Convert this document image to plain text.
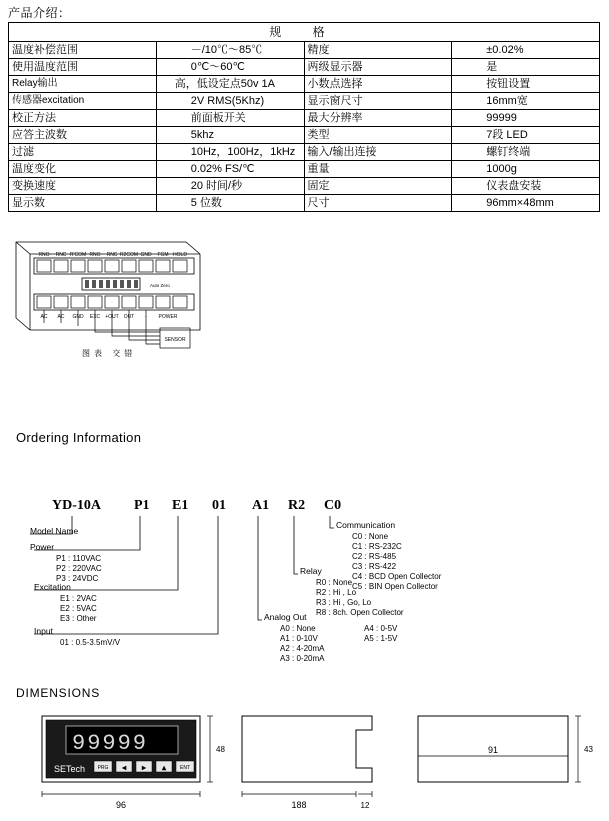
产品介绍：
规 格			
温度补偿范围	－/10℃～85℃	精度	±0.02%
使用温度范围	0℃～60℃	两级显示器	是
Relay输出	高，低设定点50v 1A	小数点选择	按钮设置
传感器excitation	2V RMS(5Khz)	显示窗尺寸	16mm宽
校正方法	前面板开关	最大分辨率	99999
应答主波数	5khz	类型	7段 LED
过滤	10Hz，100Hz，1kHz	输入/输出连接	螺钉终端
温度变化	0.02% FS/℃	重量	1000g
变换速度	20 时间/秒	固定	仪表盘安装
显示数	5 位数	尺寸	96mm×48mm
RNO RNC R'COM RNO RNC R2COM GND FGM HOLD
Auto Zero
AC AC GND EXC +OUT OUT - POWER
SENSOR
图表 交错
Ordering Information
YD-10A P1 E1 01 A1 R2 C0
Model Name
Power
P1 : 110VAC
P2 : 220VAC
P3 : 24VDC
Excitation
E1 : 2VAC
E2 : 5VAC
E3 : Other
Input
01 : 0.5-3.5mV/V
Analog Out
A0 : None
A1 : 0-10V
A2 : 4-20mA
A3 : 0-20mA
A4 : 0-5V
A5 : 1-5V
Relay
R0 : None
R2 : Hi , Lo
R3 : Hi , Go, Lo
R8 : 8ch. Open Collector
Communication
C0 : None
C1 : RS-232C
C2 : RS-485
C3 : RS-422
C4 : BCD Open Collector
C5 : BIN Open Collector
DIMENSIONS
99999
SETech	PRG ◀	▶	▲	ENT
96
48
188	12
91	43
